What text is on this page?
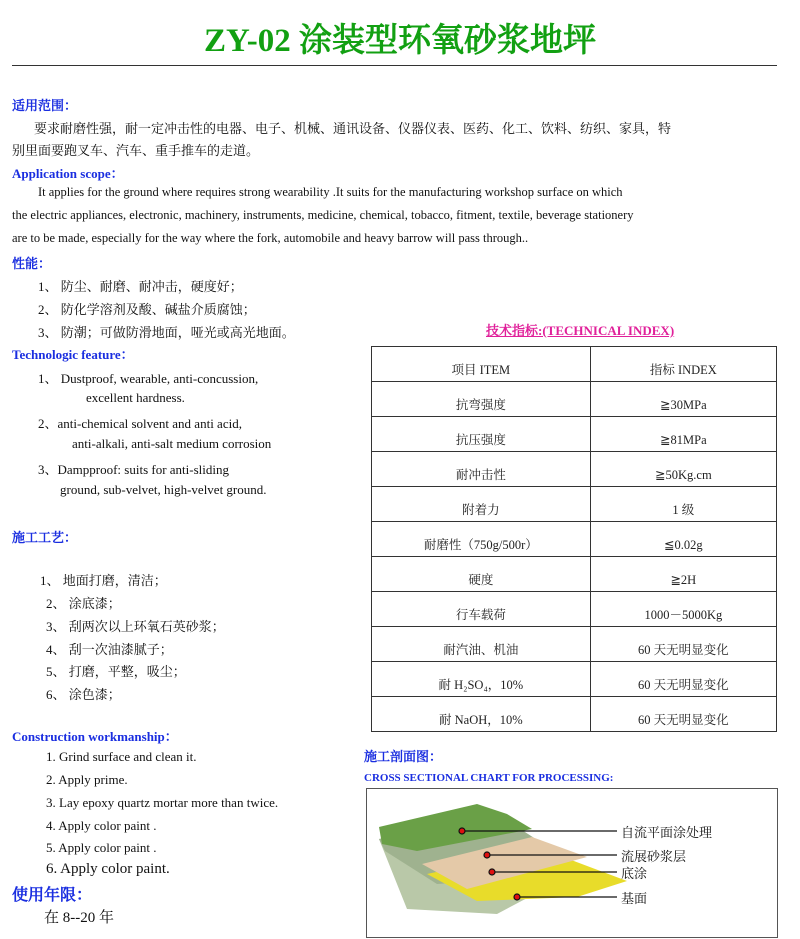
ZY-02 涂装型环氧砂浆地坪
适用范围：
要求耐磨性强，耐一定冲击性的电器、电子、机械、通讯设备、仪器仪表、医药、化工、饮料、纺织、家具，特
别里面要跑叉车、汽车、重手推车的走道。
Application scope：
It applies for the ground where requires strong wearability .It suits for the manufacturing workshop surface on which
the electric appliances, electronic, machinery, instruments, medicine, chemical, tobacco, fitment, textile, beverage stationery
are to be made, especially for the way where the fork, automobile and heavy barrow will pass through..
性能：
1、 防尘、耐磨、耐冲击，硬度好；
2、 防化学溶剂及酸、碱盐介质腐蚀；
3、 防潮；可做防滑地面，哑光或高光地面。
Technologic feature：
1、 Dustproof, wearable, anti-concussion,
excellent hardness.
2、anti-chemical solvent and anti acid,
anti-alkali, anti-salt medium corrosion
3、Dampproof: suits for anti-sliding
ground, sub-velvet, high-velvet ground.
施工工艺：
1、 地面打磨，清洁；
2、 涂底漆；
3、 刮两次以上环氧石英砂浆；
4、 刮一次油漆腻子；
5、 打磨，平整，吸尘；
6、 涂色漆；
Construction workmanship：
1. Grind surface and clean it.
2. Apply prime.
3. Lay epoxy quartz mortar more than twice.
4. Apply color paint .
5. Apply color paint .
6. Apply color paint.
使用年限：
在 8--20 年
技术指标:(TECHNICAL INDEX)
项目 ITEM	指标 INDEX
抗弯强度	≧30MPa
抗压强度	≧81MPa
耐冲击性	≧50Kg.cm
附着力	1 级
耐磨性（750g/500r）	≦0.02g
硬度	≧2H
行车载荷	1000－5000Kg
耐汽油、机油	60 天无明显变化
耐 H₂SO₄，10%	60 天无明显变化
耐 NaOH，10%	60 天无明显变化
施工剖面图：
CROSS SECTIONAL CHART FOR PROCESSING:
自流平面涂处理
流展砂浆层
底涂
基面
